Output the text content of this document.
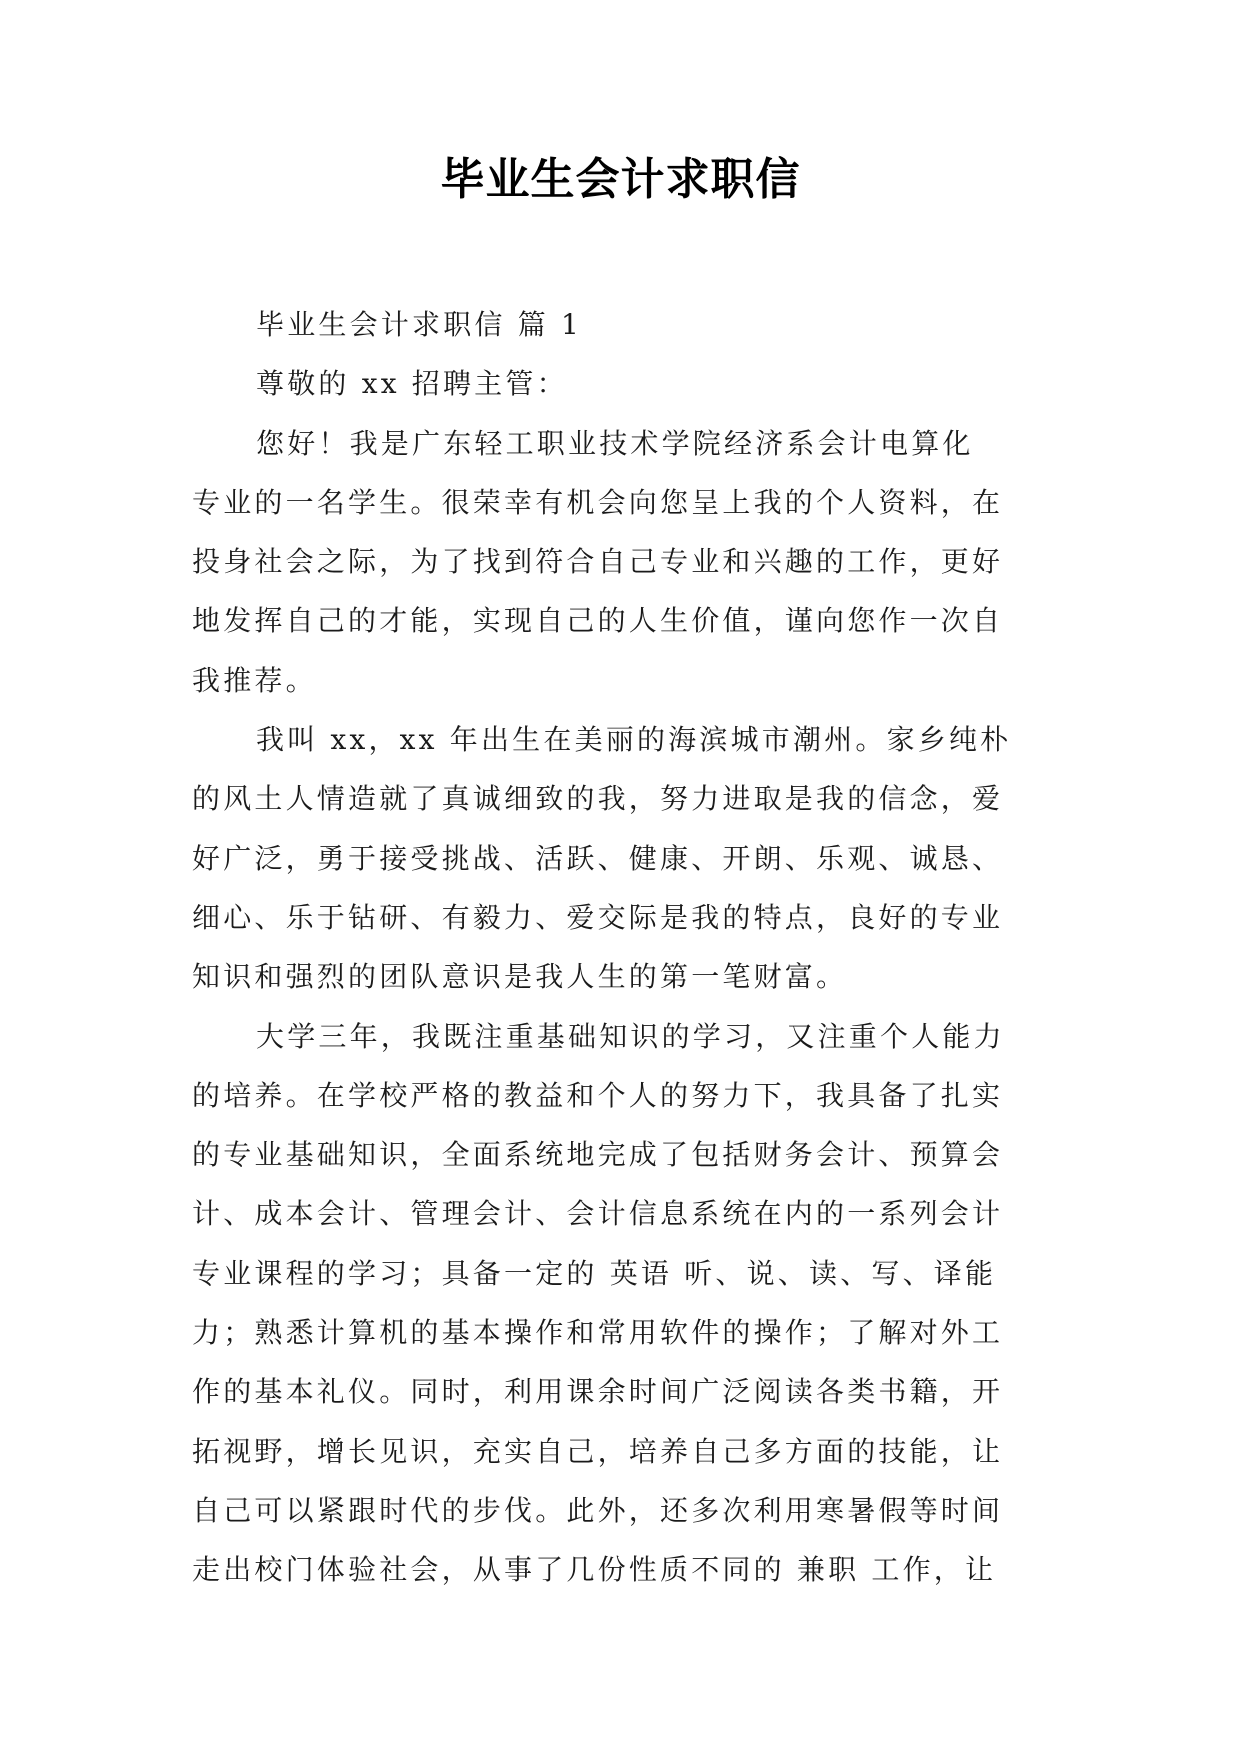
毕业生会计求职信
毕业生会计求职信 篇 1
尊敬的 xx 招聘主管：
您好！我是广东轻工职业技术学院经济系会计电算化
专业的一名学生。很荣幸有机会向您呈上我的个人资料，在
投身社会之际，为了找到符合自己专业和兴趣的工作，更好
地发挥自己的才能，实现自己的人生价值，谨向您作一次自
我推荐。
我叫 xx，xx 年出生在美丽的海滨城市潮州。家乡纯朴
的风土人情造就了真诚细致的我，努力进取是我的信念，爱
好广泛，勇于接受挑战、活跃、健康、开朗、乐观、诚恳、
细心、乐于钻研、有毅力、爱交际是我的特点，良好的专业
知识和强烈的团队意识是我人生的第一笔财富。
大学三年，我既注重基础知识的学习，又注重个人能力
的培养。在学校严格的教益和个人的努力下，我具备了扎实
的专业基础知识，全面系统地完成了包括财务会计、预算会
计、成本会计、管理会计、会计信息系统在内的一系列会计
专业课程的学习；具备一定的 英语 听、说、读、写、译能
力；熟悉计算机的基本操作和常用软件的操作；了解对外工
作的基本礼仪。同时，利用课余时间广泛阅读各类书籍，开
拓视野，增长见识，充实自己，培养自己多方面的技能，让
自己可以紧跟时代的步伐。此外，还多次利用寒暑假等时间
走出校门体验社会，从事了几份性质不同的 兼职 工作，让
